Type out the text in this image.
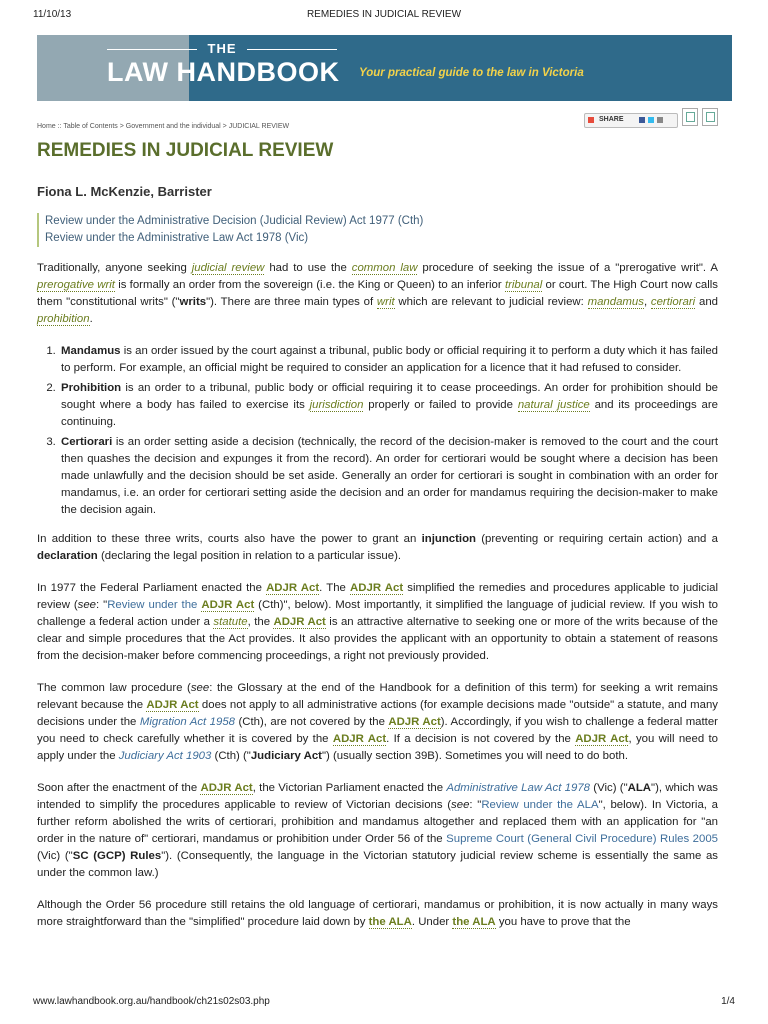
11/10/13	REMEDIES IN JUDICIAL REVIEW
THE
LAW HANDBOOK Your practical guide to the law in Victoria
Home :: Table of Contents > Government and the individual > JUDICIAL REVIEW
SHARE
REMEDIES IN JUDICIAL REVIEW
Fiona L. McKenzie, Barrister
Review under the Administrative Decision (Judicial Review) Act 1977 (Cth)
Review under the Administrative Law Act 1978 (Vic)

Traditionally, anyone seeking judicial review had to use the common law procedure of seeking the issue of a "prerogative writ". A prerogative writ is formally an order from the sovereign (i.e. the King or Queen) to an inferior tribunal or court. The High Court now calls them "constitutional writs" ("writs"). There are three main types of writ which are relevant to judicial review: mandamus, certiorari and prohibition.

1. Mandamus is an order issued by the court against a tribunal, public body or official requiring it to perform a duty which it has failed to perform. For example, an official might be required to consider an application for a licence that it had refused to consider.
2. Prohibition is an order to a tribunal, public body or official requiring it to cease proceedings. An order for prohibition should be sought where a body has failed to exercise its jurisdiction properly or failed to provide natural justice and its proceedings are continuing.
3. Certiorari is an order setting aside a decision (technically, the record of the decision-maker is removed to the court and the court then quashes the decision and expunges it from the record). An order for certiorari would be sought where a decision has been made unlawfully and the decision should be set aside. Generally an order for certiorari is sought in combination with an order for mandamus, i.e. an order for certiorari setting aside the decision and an order for mandamus requiring the decision-maker to make the decision again.

In addition to these three writs, courts also have the power to grant an injunction (preventing or requiring certain action) and a declaration (declaring the legal position in relation to a particular issue).

In 1977 the Federal Parliament enacted the ADJR Act. The ADJR Act simplified the remedies and procedures applicable to judicial review (see: "Review under the ADJR Act (Cth)", below). Most importantly, it simplified the language of judicial review. If you wish to challenge a federal action under a statute, the ADJR Act is an attractive alternative to seeking one or more of the writs because of the clear and simple procedures that the Act provides. It also provides the applicant with an opportunity to obtain a statement of reasons from the decision-maker before commencing proceedings, a right not previously provided.

The common law procedure (see: the Glossary at the end of the Handbook for a definition of this term) for seeking a writ remains relevant because the ADJR Act does not apply to all administrative actions (for example decisions made "outside" a statute, and many decisions under the Migration Act 1958 (Cth), are not covered by the ADJR Act). Accordingly, if you wish to challenge a federal matter you need to check carefully whether it is covered by the ADJR Act. If a decision is not covered by the ADJR Act, you will need to apply under the Judiciary Act 1903 (Cth) ("Judiciary Act") (usually section 39B). Sometimes you will need to do both.

Soon after the enactment of the ADJR Act, the Victorian Parliament enacted the Administrative Law Act 1978 (Vic) ("ALA"), which was intended to simplify the procedures applicable to review of Victorian decisions (see: "Review under the ALA", below). In Victoria, a further reform abolished the writs of certiorari, prohibition and mandamus altogether and replaced them with an application for "an order in the nature of" certiorari, mandamus or prohibition under Order 56 of the Supreme Court (General Civil Procedure) Rules 2005 (Vic) ("SC (GCP) Rules"). (Consequently, the language in the Victorian statutory judicial review scheme is essentially the same as under the common law.)

Although the Order 56 procedure still retains the old language of certiorari, mandamus or prohibition, it is now actually in many ways more straightforward than the "simplified" procedure laid down by the ALA. Under the ALA you have to prove that the

www.lawhandbook.org.au/handbook/ch21s02s03.php	1/4
